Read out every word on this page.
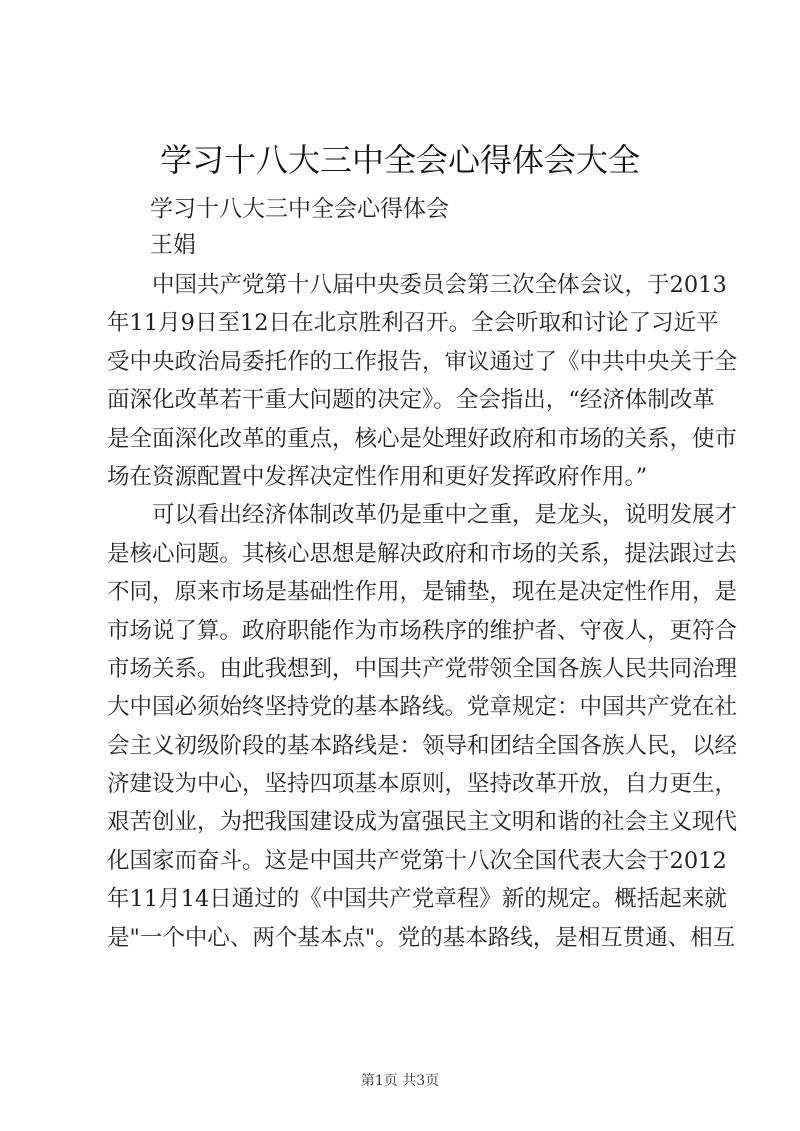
学习十八大三中全会心得体会大全
学习十八大三中全会心得体会
王娟
中国共产党第十八届中央委员会第三次全体会议，于2013
年11月9日至12日在北京胜利召开。全会听取和讨论了习近平
受中央政治局委托作的工作报告，审议通过了《中共中央关于全
面深化改革若干重大问题的决定》。全会指出，“经济体制改革
是全面深化改革的重点，核心是处理好政府和市场的关系，使市
场在资源配置中发挥决定性作用和更好发挥政府作用。”
可以看出经济体制改革仍是重中之重，是龙头，说明发展才
是核心问题。其核心思想是解决政府和市场的关系，提法跟过去
不同，原来市场是基础性作用，是铺垫，现在是决定性作用，是
市场说了算。政府职能作为市场秩序的维护者、守夜人，更符合
市场关系。由此我想到，中国共产党带领全国各族人民共同治理
大中国必须始终坚持党的基本路线。党章规定：中国共产党在社
会主义初级阶段的基本路线是：领导和团结全国各族人民，以经
济建设为中心，坚持四项基本原则，坚持改革开放，自力更生，
艰苦创业，为把我国建设成为富强民主文明和谐的社会主义现代
化国家而奋斗。这是中国共产党第十八次全国代表大会于2012
年11月14日通过的《中国共产党章程》新的规定。概括起来就
是"一个中心、两个基本点"。党的基本路线，是相互贯通、相互
第1页 共3页
